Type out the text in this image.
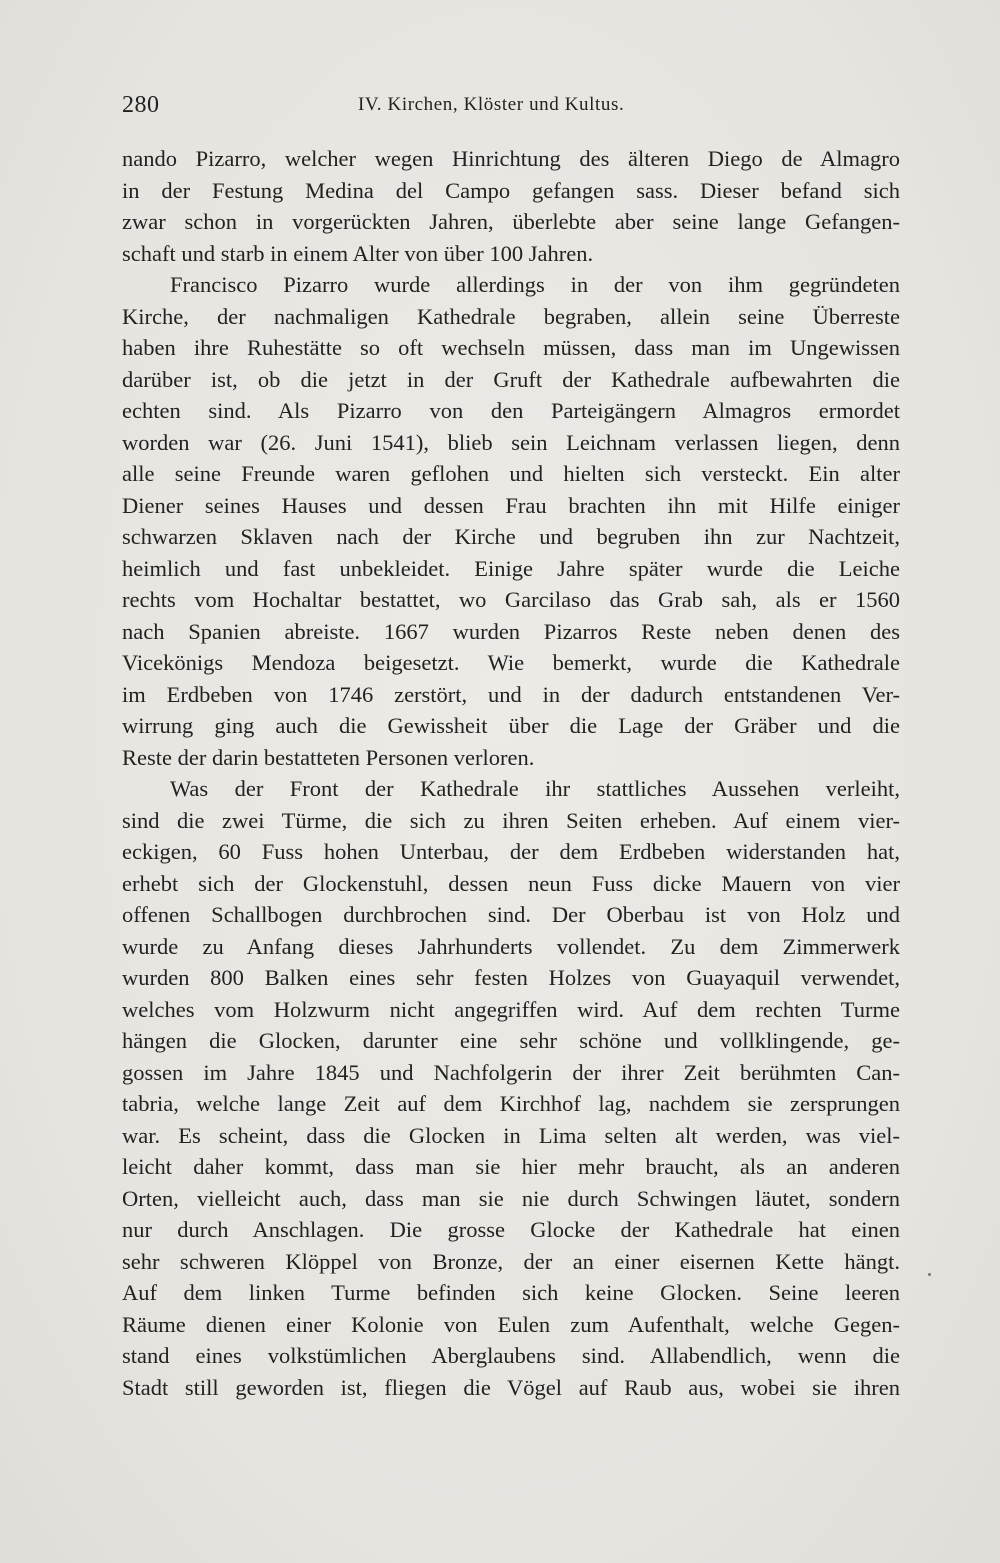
280	IV. Kirchen, Klöster und Kultus.
nando Pizarro, welcher wegen Hinrichtung des älteren Diego de Almagro
in der Festung Medina del Campo gefangen sass. Dieser befand sich
zwar schon in vorgerückten Jahren, überlebte aber seine lange Gefangen-
schaft und starb in einem Alter von über 100 Jahren.
Francisco Pizarro wurde allerdings in der von ihm gegründeten
Kirche, der nachmaligen Kathedrale begraben, allein seine Überreste
haben ihre Ruhestätte so oft wechseln müssen, dass man im Ungewissen
darüber ist, ob die jetzt in der Gruft der Kathedrale aufbewahrten die
echten sind. Als Pizarro von den Parteigängern Almagros ermordet
worden war (26. Juni 1541), blieb sein Leichnam verlassen liegen, denn
alle seine Freunde waren geflohen und hielten sich versteckt. Ein alter
Diener seines Hauses und dessen Frau brachten ihn mit Hilfe einiger
schwarzen Sklaven nach der Kirche und begruben ihn zur Nachtzeit,
heimlich und fast unbekleidet. Einige Jahre später wurde die Leiche
rechts vom Hochaltar bestattet, wo Garcilaso das Grab sah, als er 1560
nach Spanien abreiste. 1667 wurden Pizarros Reste neben denen des
Vicekönigs Mendoza beigesetzt. Wie bemerkt, wurde die Kathedrale
im Erdbeben von 1746 zerstört, und in der dadurch entstandenen Ver-
wirrung ging auch die Gewissheit über die Lage der Gräber und die
Reste der darin bestatteten Personen verloren.
Was der Front der Kathedrale ihr stattliches Aussehen verleiht,
sind die zwei Türme, die sich zu ihren Seiten erheben. Auf einem vier-
eckigen, 60 Fuss hohen Unterbau, der dem Erdbeben widerstanden hat,
erhebt sich der Glockenstuhl, dessen neun Fuss dicke Mauern von vier
offenen Schallbogen durchbrochen sind. Der Oberbau ist von Holz und
wurde zu Anfang dieses Jahrhunderts vollendet. Zu dem Zimmerwerk
wurden 800 Balken eines sehr festen Holzes von Guayaquil verwendet,
welches vom Holzwurm nicht angegriffen wird. Auf dem rechten Turme
hängen die Glocken, darunter eine sehr schöne und vollklingende, ge-
gossen im Jahre 1845 und Nachfolgerin der ihrer Zeit berühmten Can-
tabria, welche lange Zeit auf dem Kirchhof lag, nachdem sie zersprungen
war. Es scheint, dass die Glocken in Lima selten alt werden, was viel-
leicht daher kommt, dass man sie hier mehr braucht, als an anderen
Orten, vielleicht auch, dass man sie nie durch Schwingen läutet, sondern
nur durch Anschlagen. Die grosse Glocke der Kathedrale hat einen
sehr schweren Klöppel von Bronze, der an einer eisernen Kette hängt.
Auf dem linken Turme befinden sich keine Glocken. Seine leeren
Räume dienen einer Kolonie von Eulen zum Aufenthalt, welche Gegen-
stand eines volkstümlichen Aberglaubens sind. Allabendlich, wenn die
Stadt still geworden ist, fliegen die Vögel auf Raub aus, wobei sie ihren
